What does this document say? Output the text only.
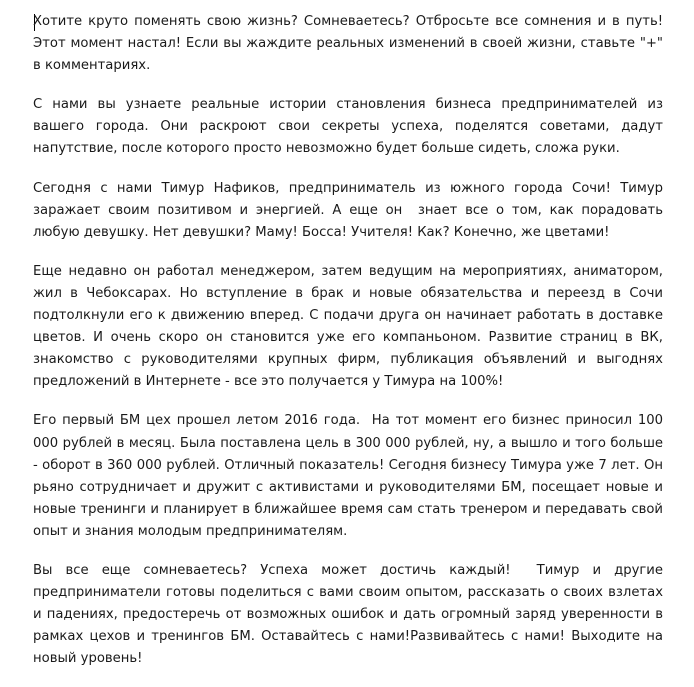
Хотите круто поменять свою жизнь? Сомневаетесь? Отбросьте все сомнения и в путь! Этот момент настал! Если вы жаждите реальных изменений в своей жизни, ставьте "+" в комментариях.

С нами вы узнаете реальные истории становления бизнеса предпринимателей из вашего города. Они раскроют свои секреты успеха, поделятся советами, дадут напутствие, после которого просто невозможно будет больше сидеть, сложа руки.

Сегодня с нами Тимур Нафиков, предприниматель из южного города Сочи! Тимур заражает своим позитивом и энергией. А еще он  знает все о том, как порадовать любую девушку. Нет девушки? Маму! Босса! Учителя! Как? Конечно, же цветами!

Еще недавно он работал менеджером, затем ведущим на мероприятиях, аниматором, жил в Чебоксарах. Но вступление в брак и новые обязательства и переезд в Сочи подтолкнули его к движению вперед. С подачи друга он начинает работать в доставке цветов. И очень скоро он становится уже его компаньоном. Развитие страниц в ВК, знакомство с руководителями крупных фирм, публикация объявлений и выгоднях предложений в Интернете - все это получается у Тимура на 100%!

Его первый БМ цех прошел летом 2016 года.  На тот момент его бизнес приносил 100 000 рублей в месяц. Была поставлена цель в 300 000 рублей, ну, а вышло и того больше - оборот в 360 000 рублей. Отличный показатель! Сегодня бизнесу Тимура уже 7 лет. Он рьяно сотрудничает и дружит с активистами и руководителями БМ, посещает новые и новые тренинги и планирует в ближайшее время сам стать тренером и передавать свой опыт и знания молодым предпринимателям.

Вы все еще сомневаетесь? Успеха может достичь каждый!  Тимур и другие предприниматели готовы поделиться с вами своим опытом, рассказать о своих взлетах и падениях, предостеречь от возможных ошибок и дать огромный заряд уверенности в рамках цехов и тренингов БМ. Оставайтесь с нами!Развивайтесь с нами! Выходите на новый уровень!
